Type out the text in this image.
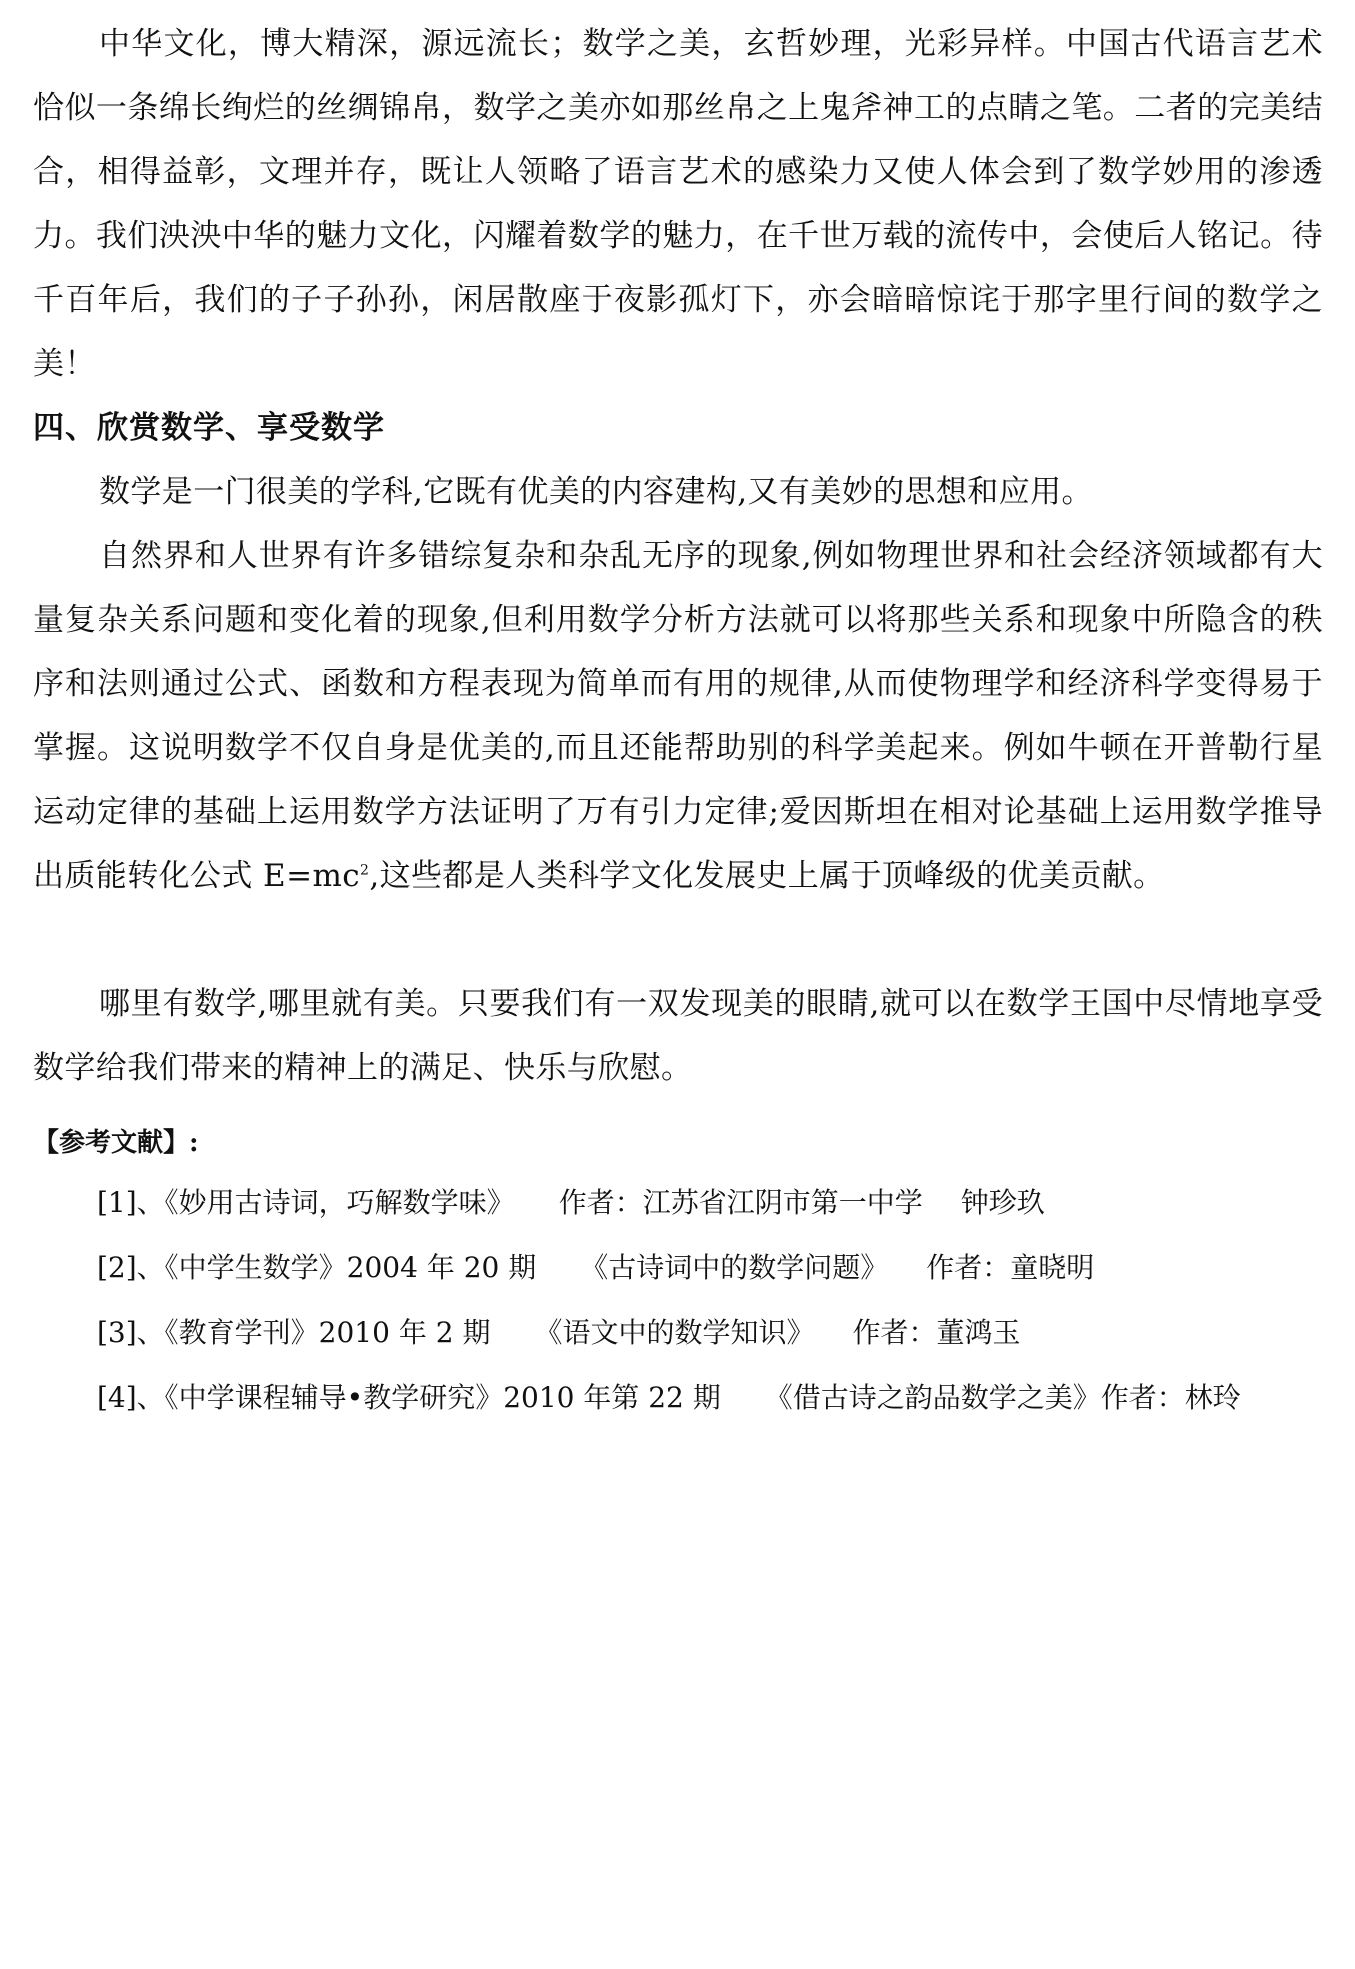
中华文化，博大精深，源远流长；数学之美，玄哲妙理，光彩异样。中国古代语言艺术恰似一条绵长绚烂的丝绸锦帛，数学之美亦如那丝帛之上鬼斧神工的点睛之笔。二者的完美结合，相得益彰，文理并存，既让人领略了语言艺术的感染力又使人体会到了数学妙用的渗透力。我们泱泱中华的魅力文化，闪耀着数学的魅力，在千世万载的流传中，会使后人铭记。待千百年后，我们的子子孙孙，闲居散座于夜影孤灯下，亦会暗暗惊诧于那字里行间的数学之美！

四、欣赏数学、享受数学

数学是一门很美的学科,它既有优美的内容建构,又有美妙的思想和应用。

自然界和人世界有许多错综复杂和杂乱无序的现象,例如物理世界和社会经济领域都有大量复杂关系问题和变化着的现象,但利用数学分析方法就可以将那些关系和现象中所隐含的秩序和法则通过公式、函数和方程表现为简单而有用的规律,从而使物理学和经济科学变得易于掌握。这说明数学不仅自身是优美的,而且还能帮助别的科学美起来。例如牛顿在开普勒行星运动定律的基础上运用数学方法证明了万有引力定律;爱因斯坦在相对论基础上运用数学推导出质能转化公式 $E=mc^2$,这些都是人类科学文化发展史上属于顶峰级的优美贡献。

哪里有数学,哪里就有美。只要我们有一双发现美的眼睛,就可以在数学王国中尽情地享受数学给我们带来的精神上的满足、快乐与欣慰。

【参考文献】:
[1]、《妙用古诗词，巧解数学味》 作者：江苏省江阴市第一中学 钟珍玖
[2]、《中学生数学》2004 年 20 期 《古诗词中的数学问题》 作者：童晓明
[3]、《教育学刊》2010 年 2 期 《语文中的数学知识》 作者：董鸿玉
[4]、《中学课程辅导•教学研究》2010 年第 22 期 《借古诗之韵品数学之美》作者：林玲
